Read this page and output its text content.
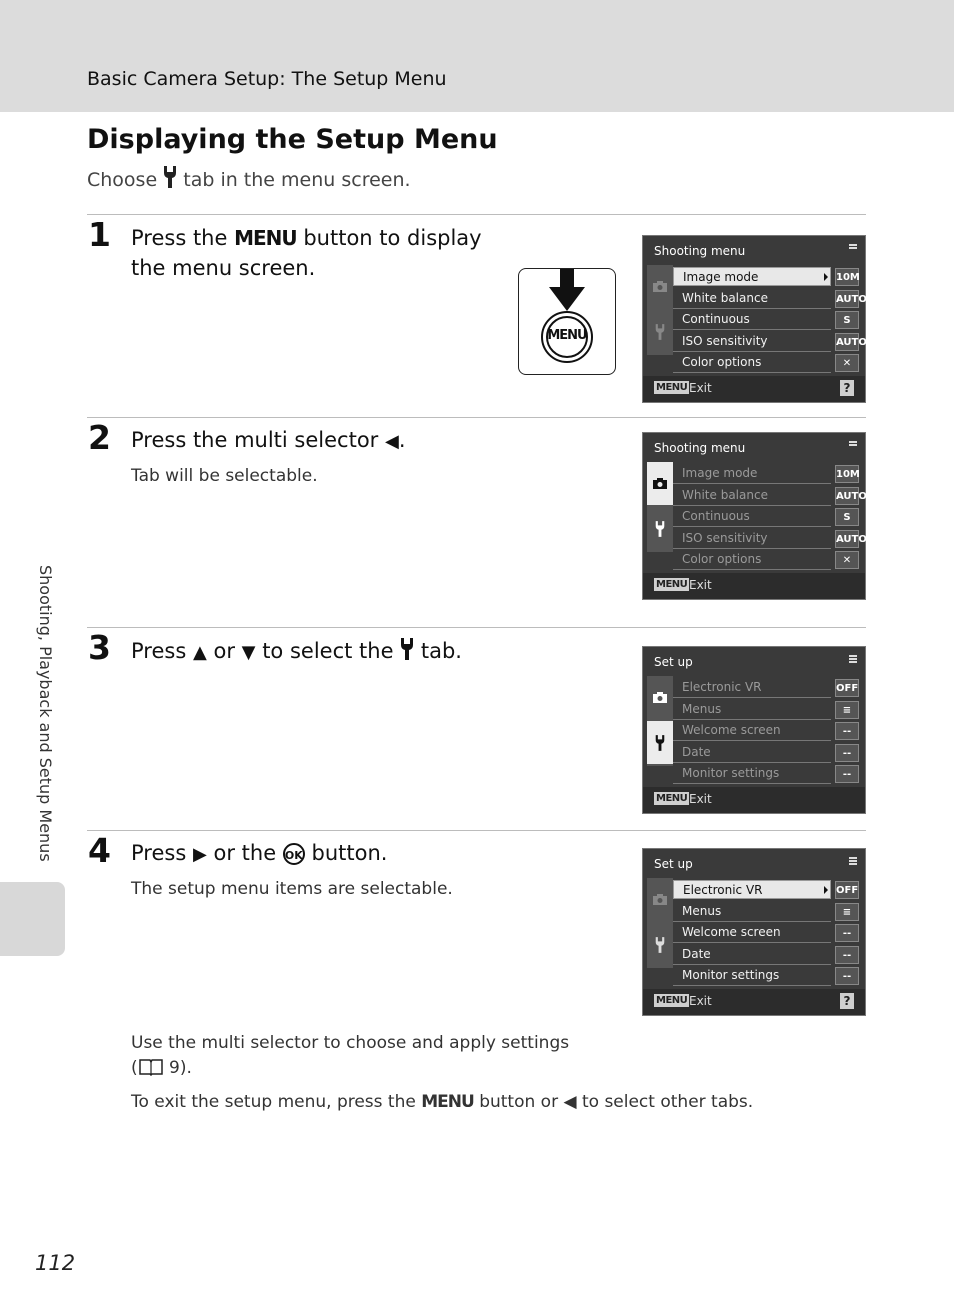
Basic Camera Setup: The Setup Menu
Displaying the Setup Menu
Choose tab in the menu screen.
1 Press the MENU button to display the menu screen.
MENU
Shooting menu
Image mode	10M
White balance	AUTO
Continuous	S
ISO sensitivity	AUTO
Color options	✕
MENU Exit	?
2 Press the multi selector ◀.
Tab will be selectable.
Shooting menu
Image mode	10M
White balance	AUTO
Continuous	S
ISO sensitivity	AUTO
Color options	✕
MENU Exit
3 Press ▲ or ▼ to select the tab.	Set up
Electronic VR	OFF
Menus	≡
Welcome screen	--
Date	--
Monitor settings	--
MENU Exit
4 Press ▶ or the OK button.
The setup menu items are selectable.
Set up
Electronic VR	OFF
Menus	≡
Welcome screen	--
Date	--
Monitor settings	--
MENU Exit	?
Use the multi selector to choose and apply settings
( 9).
To exit the setup menu, press the MENU button or ◀ to select other tabs.
Shooting, Playback and Setup Menus
112
